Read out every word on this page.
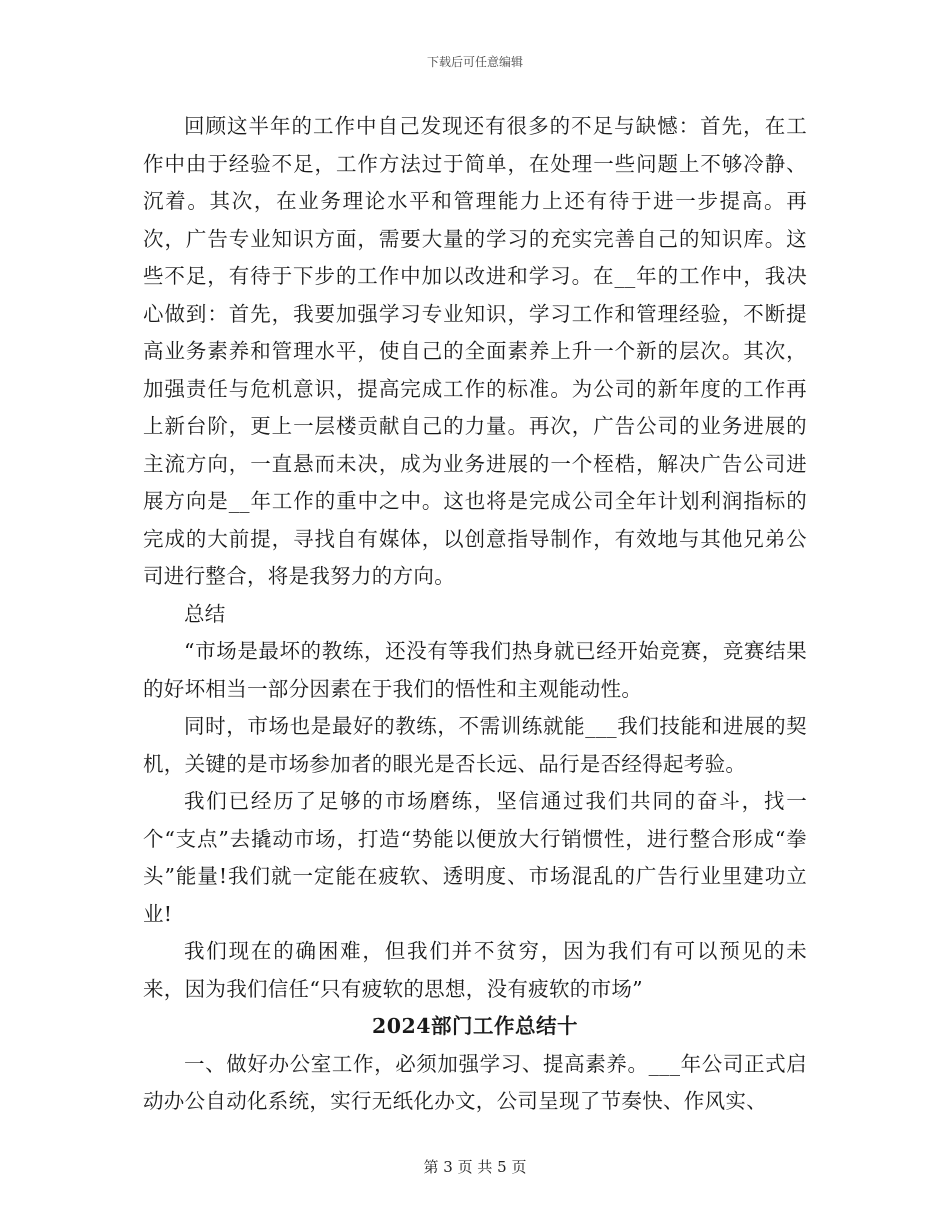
下载后可任意编辑

回顾这半年的工作中自己发现还有很多的不足与缺憾：首先，在工作中由于经验不足，工作方法过于简单，在处理一些问题上不够冷静、沉着。其次，在业务理论水平和管理能力上还有待于进一步提高。再次，广告专业知识方面，需要大量的学习的充实完善自己的知识库。这些不足，有待于下步的工作中加以改进和学习。在__年的工作中，我决心做到：首先，我要加强学习专业知识，学习工作和管理经验，不断提高业务素养和管理水平，使自己的全面素养上升一个新的层次。其次，加强责任与危机意识，提高完成工作的标准。为公司的新年度的工作再上新台阶，更上一层楼贡献自己的力量。再次，广告公司的业务进展的主流方向，一直悬而未决，成为业务进展的一个桎梏，解决广告公司进展方向是__年工作的重中之中。这也将是完成公司全年计划利润指标的完成的大前提，寻找自有媒体，以创意指导制作，有效地与其他兄弟公司进行整合，将是我努力的方向。

总结

“市场是最坏的教练，还没有等我们热身就已经开始竞赛，竞赛结果的好坏相当一部分因素在于我们的悟性和主观能动性。

同时，市场也是最好的教练，不需训练就能___我们技能和进展的契机，关键的是市场参加者的眼光是否长远、品行是否经得起考验。

我们已经历了足够的市场磨练，坚信通过我们共同的奋斗，找一个“支点”去撬动市场，打造“势能以便放大行销惯性，进行整合形成“拳头”能量!我们就一定能在疲软、透明度、市场混乱的广告行业里建功立业!

我们现在的确困难，但我们并不贫穷，因为我们有可以预见的未来，因为我们信任“只有疲软的思想，没有疲软的市场”

2024部门工作总结十

一、做好办公室工作，必须加强学习、提高素养。___年公司正式启动办公自动化系统，实行无纸化办文，公司呈现了节奏快、作风实、

第 3 页 共 5 页
